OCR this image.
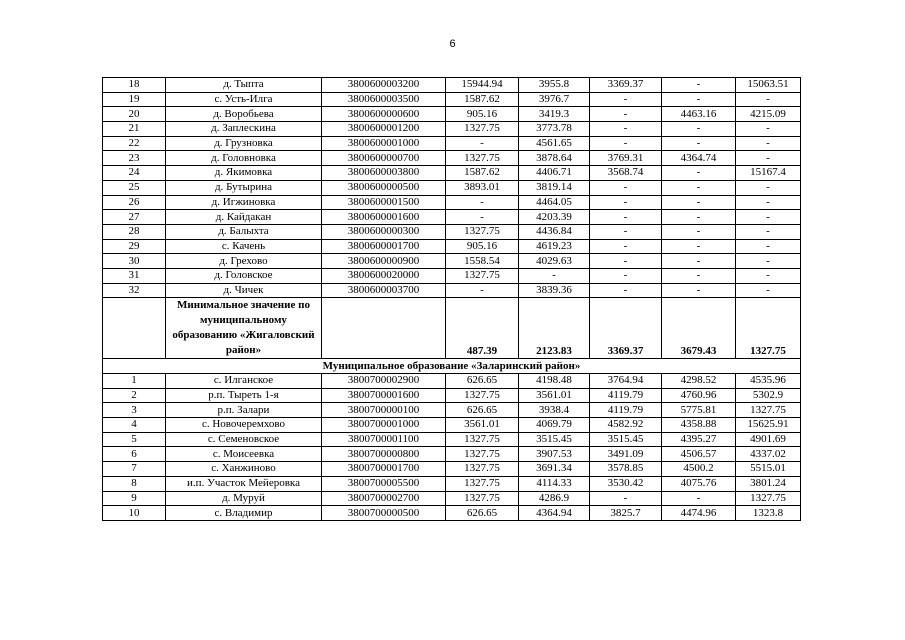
6
18	д. Тыпта	3800600003200	15944.94	3955.8	3369.37	-	15063.51
19	с. Усть-Илга	3800600003500	1587.62	3976.7	-	-	-
20	д. Воробьева	3800600000600	905.16	3419.3	-	4463.16	4215.09
21	д. Заплескина	3800600001200	1327.75	3773.78	-	-	-
22	д. Грузновка	3800600001000	-	4561.65	-	-	-
23	д. Головновка	3800600000700	1327.75	3878.64	3769.31	4364.74	-
24	д. Якимовка	3800600003800	1587.62	4406.71	3568.74	-	15167.4
25	д. Бутырина	3800600000500	3893.01	3819.14	-	-	-
26	д. Игжиновка	3800600001500	-	4464.05	-	-	-
27	д. Кайдакан	3800600001600	-	4203.39	-	-	-
28	д. Балыхта	3800600000300	1327.75	4436.84	-	-	-
29	с. Качень	3800600001700	905.16	4619.23	-	-	-
30	д. Грехово	3800600000900	1558.54	4029.63	-	-	-
31	д. Головское	3800600020000	1327.75	-	-	-	-
32	д. Чичек	3800600003700	-	3839.36	-	-	-
	Минимальное значение по муниципальному образованию «Жигаловский район»		487.39	2123.83	3369.37	3679.43	1327.75
Муниципальное образование «Заларинский район»							
1	с. Илганское	3800700002900	626.65	4198.48	3764.94	4298.52	4535.96
2	р.п. Тыреть 1-я	3800700001600	1327.75	3561.01	4119.79	4760.96	5302.9
3	р.п. Залари	3800700000100	626.65	3938.4	4119.79	5775.81	1327.75
4	с. Новочеремхово	3800700001000	3561.01	4069.79	4582.92	4358.88	15625.91
5	с. Семеновское	3800700001100	1327.75	3515.45	3515.45	4395.27	4901.69
6	с. Моисеевка	3800700000800	1327.75	3907.53	3491.09	4506.57	4337.02
7	с. Ханжиново	3800700001700	1327.75	3691.34	3578.85	4500.2	5515.01
8	и.п. Участок Мейеровка	3800700005500	1327.75	4114.33	3530.42	4075.76	3801.24
9	д. Муруй	3800700002700	1327.75	4286.9	-	-	1327.75
10	с. Владимир	3800700000500	626.65	4364.94	3825.7	4474.96	1323.8
